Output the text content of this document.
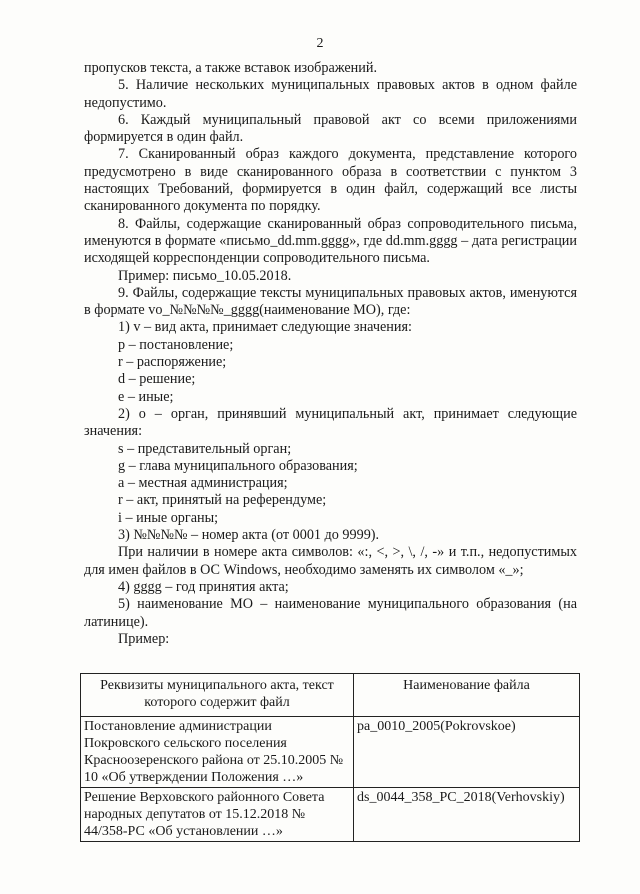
2

пропусков текста, а также вставок изображений.

5. Наличие нескольких муниципальных правовых актов в одном файле недопустимо.

6. Каждый муниципальный правовой акт со всеми приложениями формируется в один файл.

7. Сканированный образ каждого документа, представление которого предусмотрено в виде сканированного образа в соответствии с пунктом 3 настоящих Требований, формируется в один файл, содержащий все листы сканированного документа по порядку.

8. Файлы, содержащие сканированный образ сопроводительного письма, именуются в формате «письмо_dd.mm.gggg», где dd.mm.gggg – дата регистрации исходящей корреспонденции сопроводительного письма.

Пример: письмо_10.05.2018.

9. Файлы, содержащие тексты муниципальных правовых актов, именуются в формате vo_№№№№_gggg(наименование МО), где:

1) v – вид акта, принимает следующие значения:

p – постановление;

r – распоряжение;

d – решение;

e – иные;

2) o – орган, принявший муниципальный акт, принимает следующие значения:

s – представительный орган;

g – глава муниципального образования;

a – местная администрация;

r – акт, принятый на референдуме;

i – иные органы;

3) №№№№ – номер акта (от 0001 до 9999).

При наличии в номере акта символов: «:, <, >, \, /, -» и т.п., недопустимых для имен файлов в ОС Windows, необходимо заменять их символом «_»;

4) gggg – год принятия акта;

5) наименование МО – наименование муниципального образования (на латинице).

Пример:

Реквизиты муниципального акта, текст
которого содержит файл	Наименование файла
Постановление администрации Покровского сельского поселения Красноозеренского района от 25.10.2005 № 10 «Об утверждении Положения …»	pa_0010_2005(Pokrovskoe)
Решение Верховского районного Совета народных депутатов от 15.12.2018 № 44/358-РС «Об установлении …»	ds_0044_358_PC_2018(Verhovskiy)
